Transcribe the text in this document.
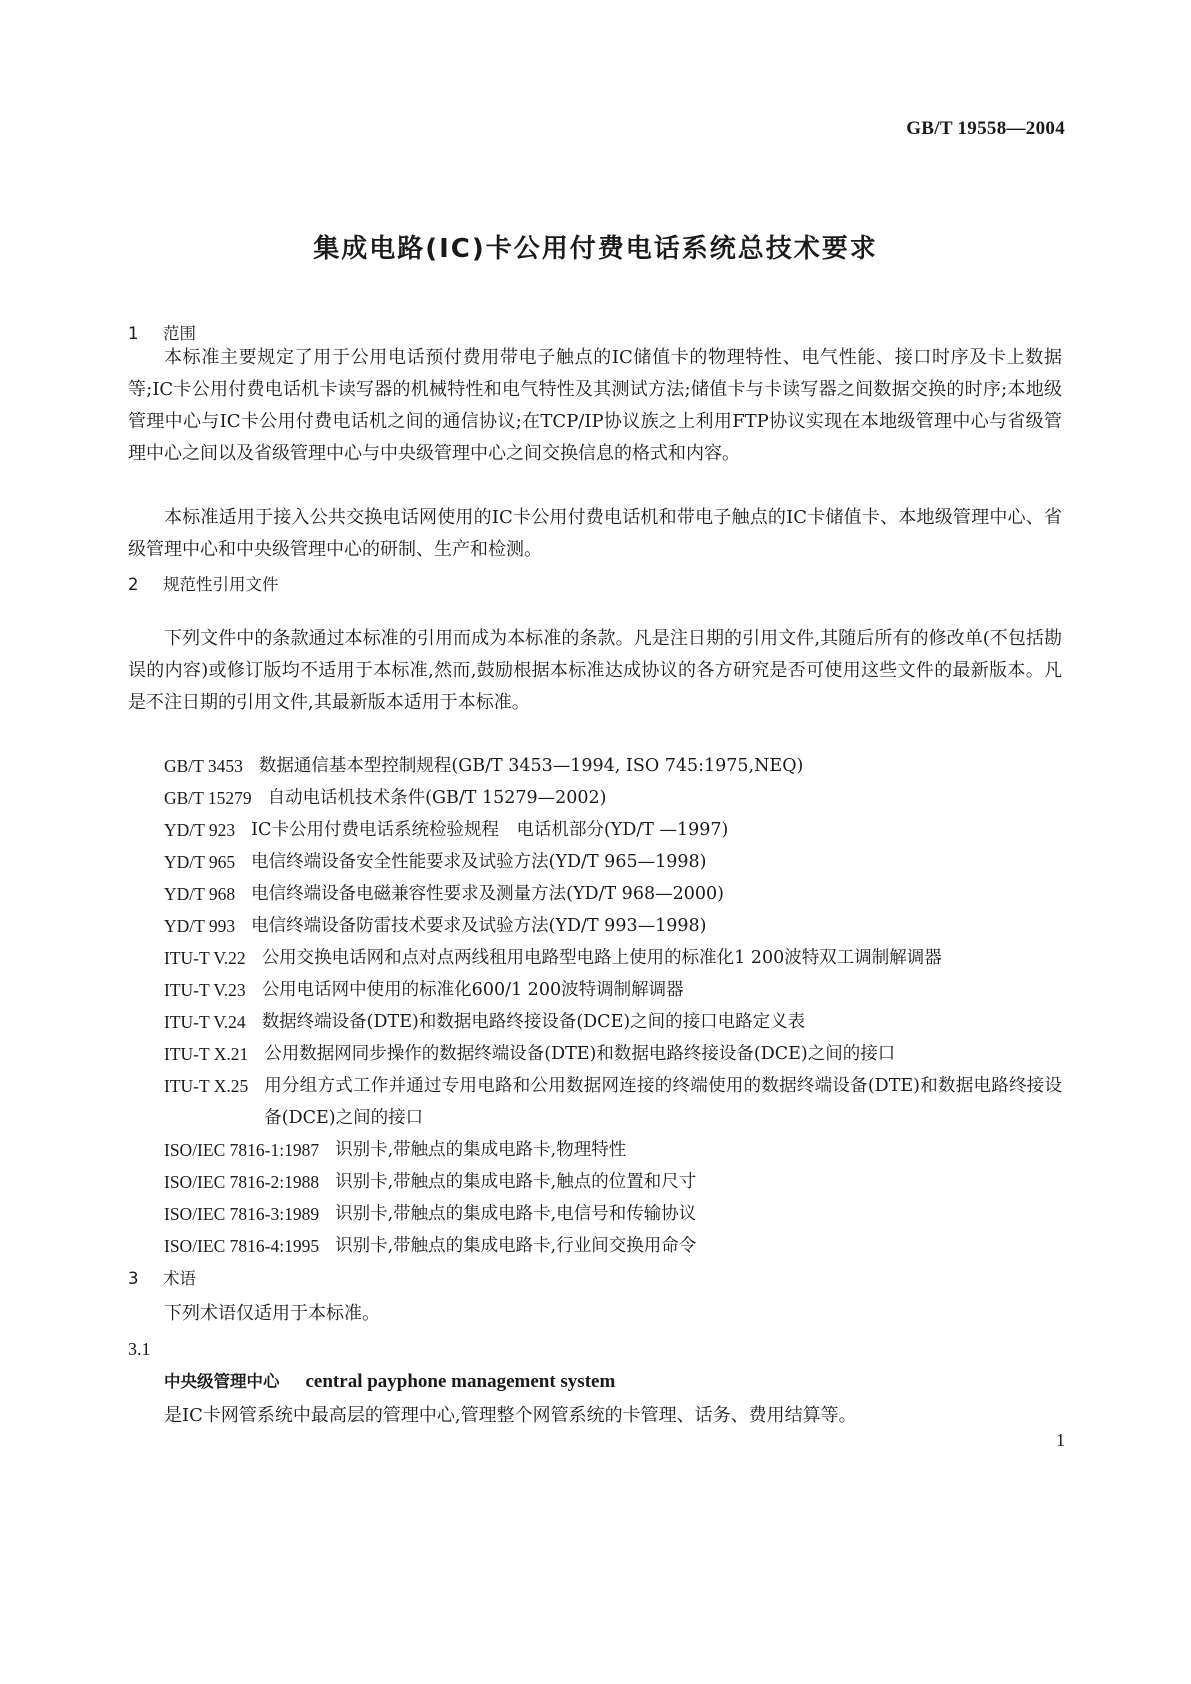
GB/T 19558—2004
集成电路(IC)卡公用付费电话系统总技术要求
1 范围

本标准主要规定了用于公用电话预付费用带电子触点的IC储值卡的物理特性、电气性能、接口时序及卡上数据等;IC卡公用付费电话机卡读写器的机械特性和电气特性及其测试方法;储值卡与卡读写器之间数据交换的时序;本地级管理中心与IC卡公用付费电话机之间的通信协议;在TCP/IP协议族之上利用FTP协议实现在本地级管理中心与省级管理中心之间以及省级管理中心与中央级管理中心之间交换信息的格式和内容。

本标准适用于接入公共交换电话网使用的IC卡公用付费电话机和带电子触点的IC卡储值卡、本地级管理中心、省级管理中心和中央级管理中心的研制、生产和检测。

2 规范性引用文件

下列文件中的条款通过本标准的引用而成为本标准的条款。凡是注日期的引用文件,其随后所有的修改单(不包括勘误的内容)或修订版均不适用于本标准,然而,鼓励根据本标准达成协议的各方研究是否可使用这些文件的最新版本。凡是不注日期的引用文件,其最新版本适用于本标准。

GB/T 3453 数据通信基本型控制规程(GB/T 3453—1994, ISO 745:1975,NEQ)
GB/T 15279 自动电话机技术条件(GB/T 15279—2002)
YD/T 923 IC卡公用付费电话系统检验规程　电话机部分(YD/T —1997)
YD/T 965 电信终端设备安全性能要求及试验方法(YD/T 965—1998)
YD/T 968 电信终端设备电磁兼容性要求及测量方法(YD/T 968—2000)
YD/T 993 电信终端设备防雷技术要求及试验方法(YD/T 993—1998)
ITU-T V.22 公用交换电话网和点对点两线租用电路型电路上使用的标准化1 200波特双工调制解调器
ITU-T V.23 公用电话网中使用的标准化600/1 200波特调制解调器
ITU-T V.24 数据终端设备(DTE)和数据电路终接设备(DCE)之间的接口电路定义表
ITU-T X.21 公用数据网同步操作的数据终端设备(DTE)和数据电路终接设备(DCE)之间的接口
ITU-T X.25 用分组方式工作并通过专用电路和公用数据网连接的终端使用的数据终端设备(DTE)和数据电路终接设备(DCE)之间的接口
ISO/IEC 7816-1:1987 识别卡,带触点的集成电路卡,物理特性
ISO/IEC 7816-2:1988 识别卡,带触点的集成电路卡,触点的位置和尺寸
ISO/IEC 7816-3:1989 识别卡,带触点的集成电路卡,电信号和传输协议
ISO/IEC 7816-4:1995 识别卡,带触点的集成电路卡,行业间交换用命令
3 术语

下列术语仅适用于本标准。

3.1
中央级管理中心 central payphone management system
是IC卡网管系统中最高层的管理中心,管理整个网管系统的卡管理、话务、费用结算等。
1
